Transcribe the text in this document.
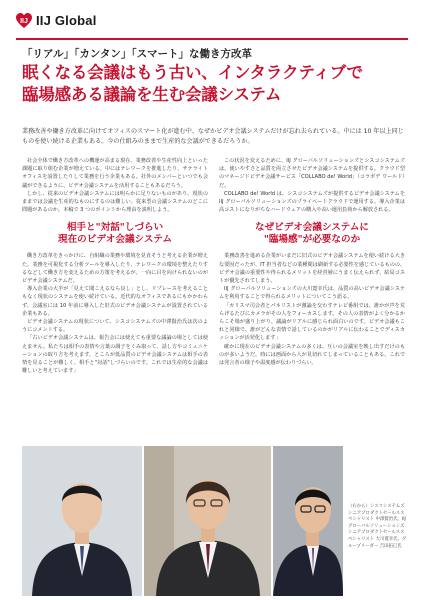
IIJ IIJ Global
「リアル」「カンタン」「スマート」な働き方改革
眠くなる会議はもう古い、インタラクティブで
臨場感ある議論を生む会議システム
業務改善や働き方改革に向けてオフィスのスマート化が進む中、なぜかビデオ会議システムだけが忘れ去られている。中には 10 年以上同じものを使い続ける企業もある。今の仕組みのままで生産的な会議ができるだろうか。

社会全体で働き方改革への機運が高まる現在、業務改善や生産性向上といった課題に取り組む企業が増えている。中にはテレワークを推進したり、サテライトオフィスを設置したりして業務を行う企業もある。社外のメンバーといつでも会議ができるように、ビデオ会議システムを活用することもあるだろう。

しかし、従来のビデオ会議システムには明らかに足りないものがあり、現状のままでは会議を生産的なものにするのは難しい。従来型の会議システムのどこに問題があるのか。本稿で 3 つのポイントから理由を説明しよう。

相手と"対話"しづらい
現在のビデオ会議システム

働き方改革をきっかけに、自組織の業務や環境を見直そうと考える企業が増えた。業務を可視化する分析ツールを導入したり、テレワークの環境を整えたりするなどして働き方を変えるための方策を考えるが、一向に目を向けられないのがビデオ会議システムだ。

導入企業の大半が「見えて聞こえるなら良し」とし、リプレースを考えることもなく現状のシステムを使い続けている。近代的なオフィスであるにもかかわらず、会議室には 10 年前に導入した旧式のビデオ会議システムが設置されている企業もある。

ビデオ会議システムの現状について、シスコシステムズの中澤賢治氏は次のようにコメントする。

「古いビデオ会議システムは、報告会には使えても重要な議論の場としては使えません。私たちは相手の表情や言葉の調子をくみ取って、話し方やコミュニケーションの取り方を考えます。ところが低品質のビデオ会議システムは相手の表情を見ることが難しく、相手と"対話"しづらいのです。これでは生産的な会議は難しいと考えています」

この状況を変えるために、IIJ グローバルソリューションズとシスコシステムズは、使いやすさと品質を両立させたビデオ会議システムを提供する。クラウド型のマネージドビデオ会議サービス「COLLABO de! World」（コラボデ ワールド）だ。

COLLABO de! World は、シスコシステムズが提供するビデオ会議システムを IIJ グローバルソリューションズのプライベートクラウドで運用する。導入企業は高コストになりがちなハードウェアの購入や高い運用負荷から解放される。

なぜビデオ会議システムに
"臨場感"が必要なのか

業務改善を進める企業がいまだに旧式のビデオ会議システムを使い続ける大きな要因だったが、IT 担当者などの業種間は刷新する必要性を感じているものの、ビデオ会議の重要性や得られるメリットを経営層にうまく伝えられず、結局コストが優先されてしまう。

IIJ グローバルソリューションズの大川寛幸氏は、品質の高いビデオ会議システムを利用することで得られるメリットについてこう語る。

「カリスマ司会者とパネリストが激論を交わすテレビ番組では、誰かが声を荒らげるたびにカメラがその人をフォーカスします。その人の表情がよく分かるからこそ場が盛り上がり、議論がリアルに感じられ面白いのです。ビデオ会議もこれと同様で、誰がどんな表情で話しているのかがリアルに伝わることでディスカッションが活発化します」

確かに現在のビデオ会議システムの多くは、互いの会議室を映し出すだけのものが多いようだ。時には画面から人が見切れてしまっていることもある。これでは発言者の様子や温度感が伝わりづらい。

（右から）シスコシステムズ シニアプロダクトセールススペシャリスト 中澤賢治氏、IIJ グローバルソリューションズ シニアプロダクトセールススペシャリスト 大川寛幸氏、グループリーダー 吉田拓巳氏
